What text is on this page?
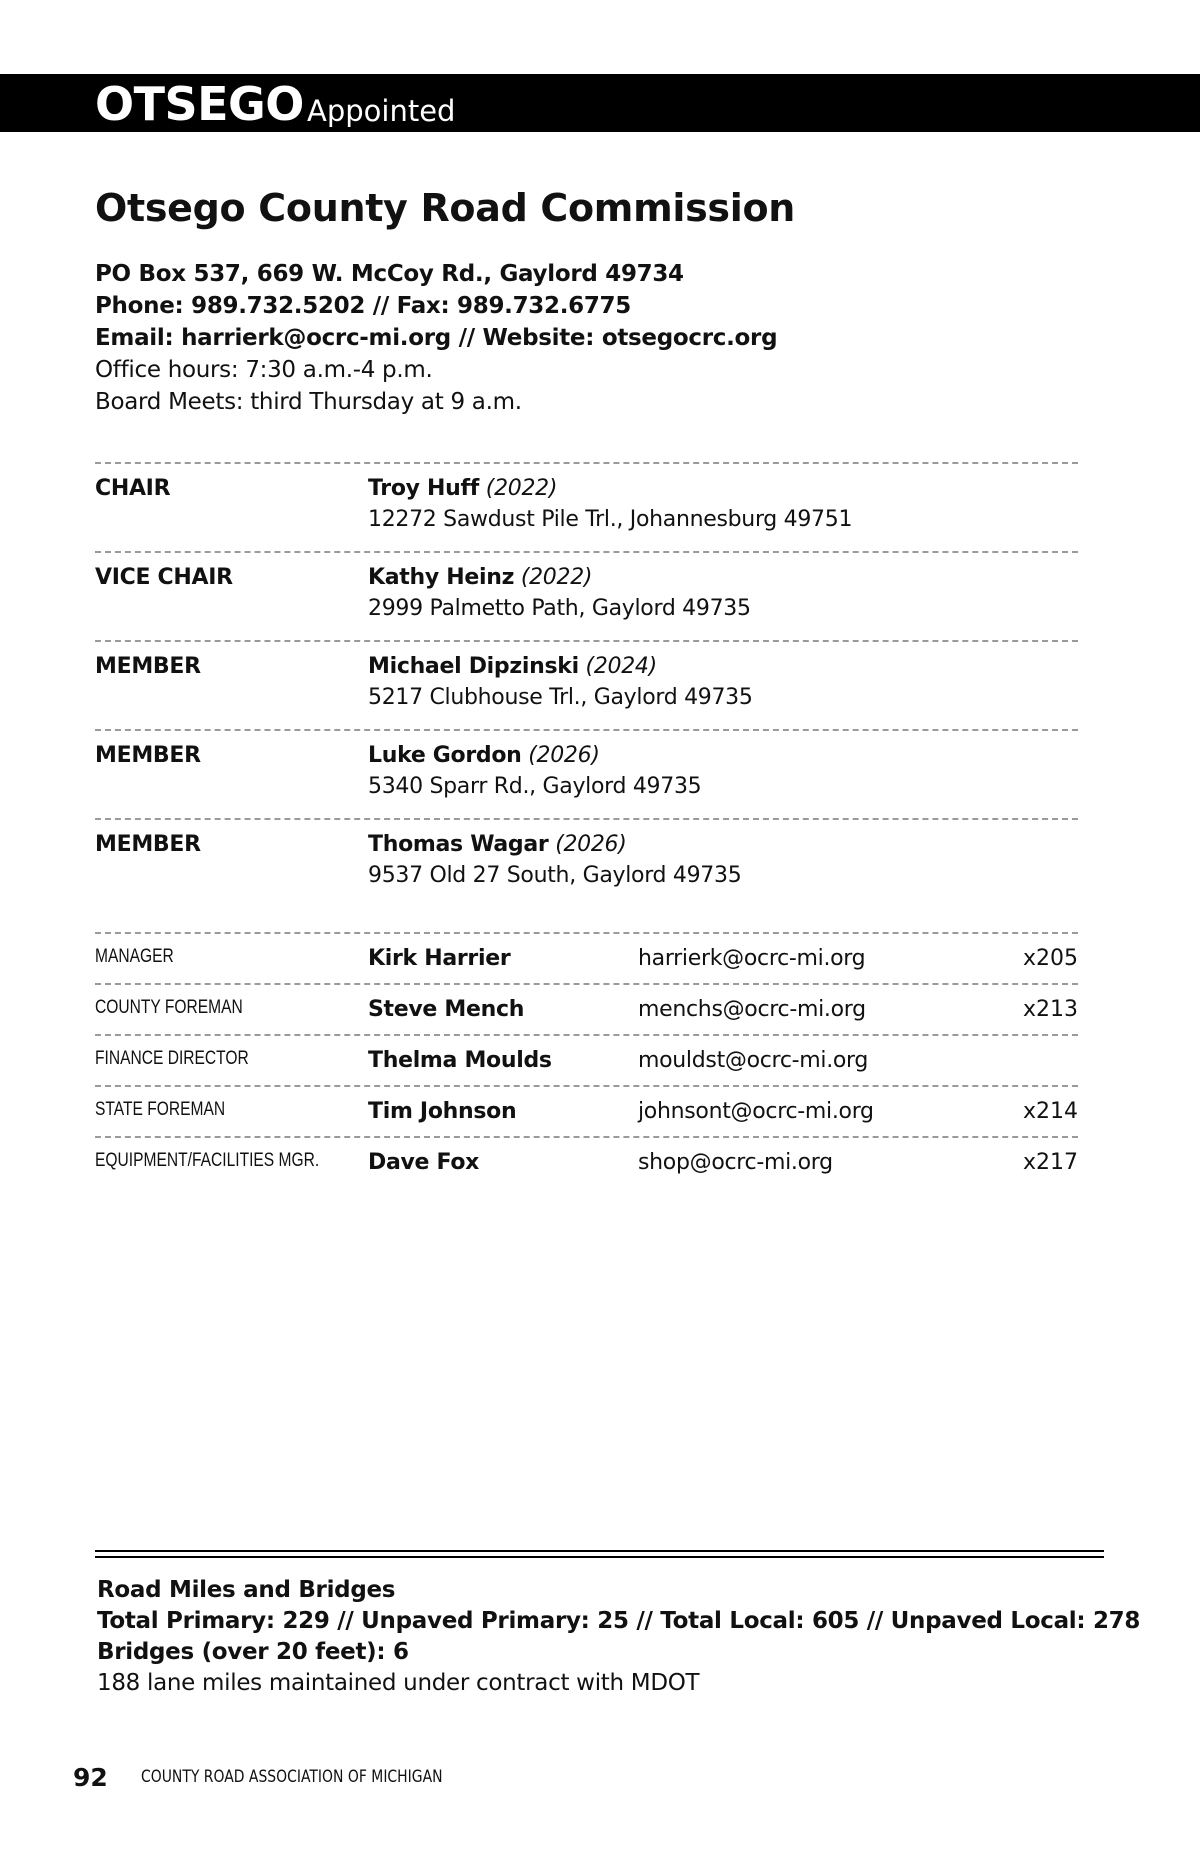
OTSEGO Appointed
Otsego County Road Commission
PO Box 537, 669 W. McCoy Rd., Gaylord 49734
Phone: 989.732.5202 // Fax: 989.732.6775
Email: harrierk@ocrc-mi.org // Website: otsegocrc.org
Office hours: 7:30 a.m.-4 p.m.
Board Meets: third Thursday at 9 a.m.
CHAIR	Troy Huff (2022)
12272 Sawdust Pile Trl., Johannesburg 49751
VICE CHAIR	Kathy Heinz (2022)
2999 Palmetto Path, Gaylord 49735
MEMBER	Michael Dipzinski (2024)
5217 Clubhouse Trl., Gaylord 49735
MEMBER	Luke Gordon (2026)
5340 Sparr Rd., Gaylord 49735
MEMBER	Thomas Wagar (2026)
9537 Old 27 South, Gaylord 49735
MANAGER	Kirk Harrier	harrierk@ocrc-mi.org	x205
COUNTY FOREMAN	Steve Mench	menchs@ocrc-mi.org	x213
FINANCE DIRECTOR	Thelma Moulds	mouldst@ocrc-mi.org
STATE FOREMAN	Tim Johnson	johnsont@ocrc-mi.org	x214
EQUIPMENT/FACILITIES MGR. Dave Fox	shop@ocrc-mi.org	x217
Road Miles and Bridges
Total Primary: 229 // Unpaved Primary: 25 // Total Local: 605 // Unpaved Local: 278
Bridges (over 20 feet): 6
188 lane miles maintained under contract with MDOT
92 COUNTY ROAD ASSOCIATION OF MICHIGAN
